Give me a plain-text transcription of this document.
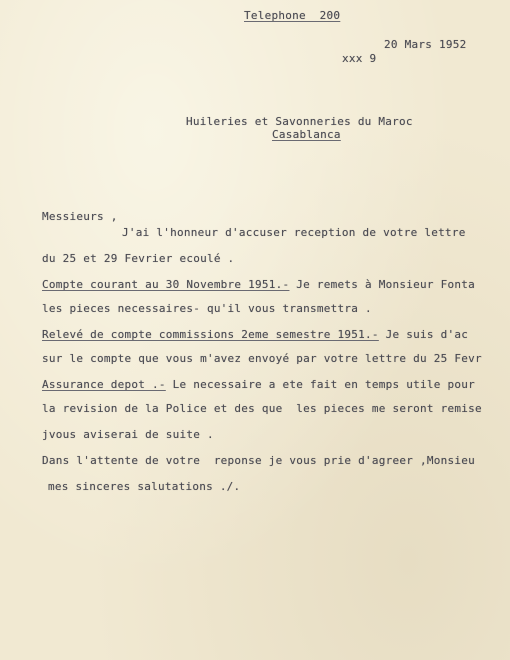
Telephone  200
20 Mars 1952
xxx 9
Huileries et Savonneries du Maroc
Casablanca
Messieurs ,
J'ai l'honneur d'accuser reception de votre lettre
du 25 et 29 Fevrier ecoulé .
Compte courant au 30 Novembre 1951.- Je remets à Monsieur Fonta
les pieces necessaires- qu'il vous transmettra .
Relevé de compte commissions 2eme semestre 1951.- Je suis d'ac
sur le compte que vous m'avez envoyé par votre lettre du 25 Fevr
Assurance depot .- Le necessaire a ete fait en temps utile pour
la revision de la Police et des que  les pieces me seront remise
jvous aviserai de suite .
Dans l'attente de votre  reponse je vous prie d'agreer ,Monsieu
mes sinceres salutations ./.
